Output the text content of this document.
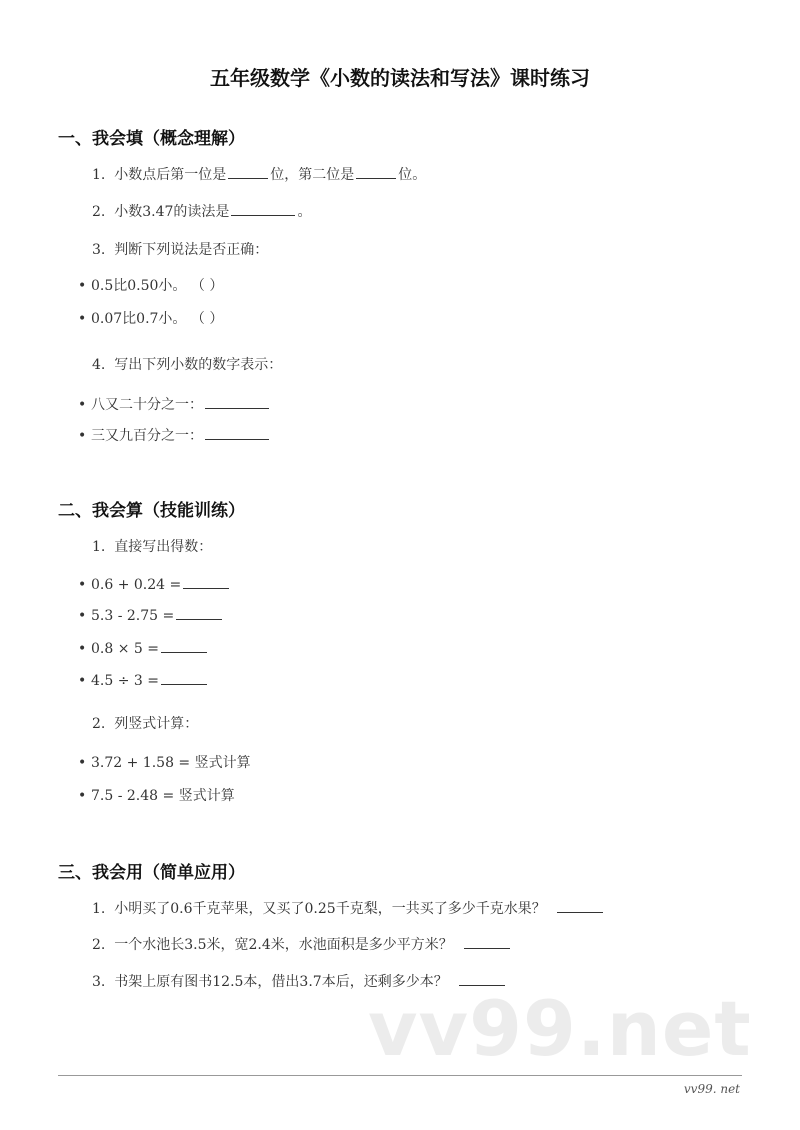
五年级数学《小数的读法和写法》课时练习
一、我会填（概念理解）
1. 小数点后第一位是	位，第二位是	位。
2. 小数3.47的读法是	。
3. 判断下列说法是否正确：
• 0.5比0.50小。 （ ）
• 0.07比0.7小。 （ ）
4. 写出下列小数的数字表示：
• 八又二十分之一：
• 三又九百分之一：
二、我会算（技能训练）
1. 直接写出得数：
• 0.6 + 0.24 =
• 5.3 - 2.75 =
• 0.8 × 5 =
• 4.5 ÷ 3 =
2. 列竖式计算：
• 3.72 + 1.58 = 竖式计算
• 7.5 - 2.48 = 竖式计算
三、我会用（简单应用）
1. 小明买了0.6千克苹果，又买了0.25千克梨，一共买了多少千克水果？
2. 一个水池长3.5米，宽2.4米，水池面积是多少平方米？
3. 书架上原有图书12.5本，借出3.7本后，还剩多少本？
vv99.net
vv99. net
